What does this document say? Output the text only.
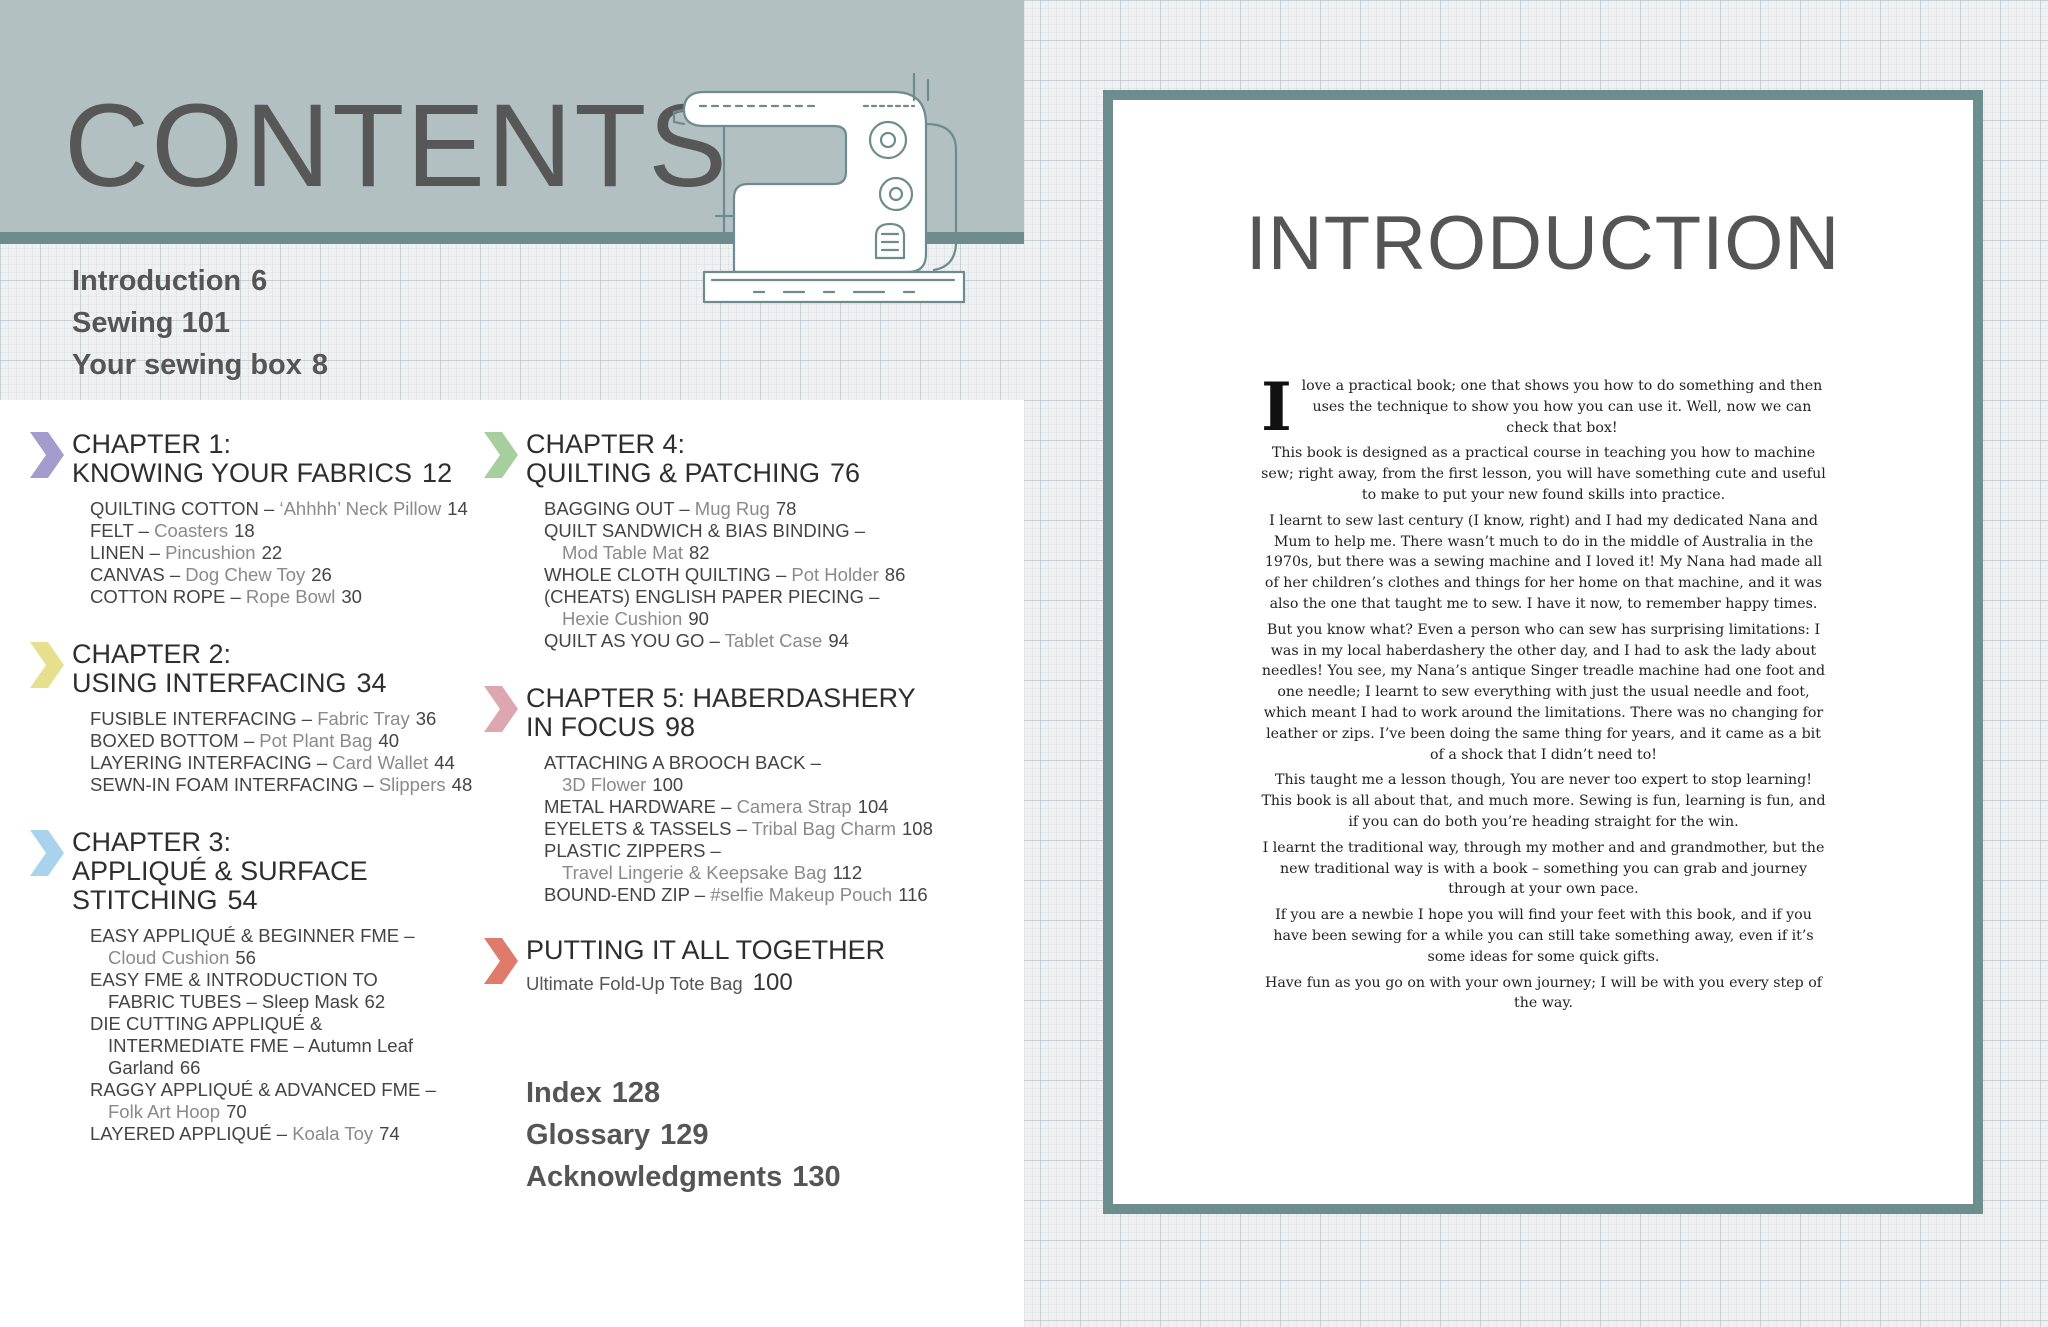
CONTENTS
Introduction 6
Sewing 101
Your sewing box 8
CHAPTER 1:
KNOWING YOUR FABRICS 12
QUILTING COTTON – ‘Ahhhh’ Neck Pillow 14
FELT – Coasters 18
LINEN – Pincushion 22
CANVAS – Dog Chew Toy 26
COTTON ROPE – Rope Bowl 30
CHAPTER 2:
USING INTERFACING 34
FUSIBLE INTERFACING – Fabric Tray 36
BOXED BOTTOM – Pot Plant Bag 40
LAYERING INTERFACING – Card Wallet 44
SEWN-IN FOAM INTERFACING – Slippers 48
CHAPTER 3:
APPLIQUÉ & SURFACE
STITCHING 54
EASY APPLIQUÉ & BEGINNER FME –
Cloud Cushion 56
EASY FME & INTRODUCTION TO
FABRIC TUBES – Sleep Mask 62
DIE CUTTING APPLIQUÉ &
INTERMEDIATE FME – Autumn Leaf Garland 66
RAGGY APPLIQUÉ & ADVANCED FME –
Folk Art Hoop 70
LAYERED APPLIQUÉ – Koala Toy 74
CHAPTER 4:
QUILTING & PATCHING 76
BAGGING OUT – Mug Rug 78
QUILT SANDWICH & BIAS BINDING –
Mod Table Mat 82
WHOLE CLOTH QUILTING – Pot Holder 86
(CHEATS) ENGLISH PAPER PIECING –
Hexie Cushion 90
QUILT AS YOU GO – Tablet Case 94
CHAPTER 5: HABERDASHERY
IN FOCUS 98
ATTACHING A BROOCH BACK –
3D Flower 100
METAL HARDWARE – Camera Strap 104
EYELETS & TASSELS – Tribal Bag Charm 108
PLASTIC ZIPPERS –
Travel Lingerie & Keepsake Bag 112
BOUND-END ZIP – #selfie Makeup Pouch 116
PUTTING IT ALL TOGETHER
Ultimate Fold-Up Tote Bag 100
Index 128
Glossary 129
Acknowledgments 130
INTRODUCTION

I love a practical book; one that shows you how to do something and then uses the technique to show you how you can use it. Well, now we can check that box!

This book is designed as a practical course in teaching you how to machine sew; right away, from the first lesson, you will have something cute and useful to make to put your new found skills into practice.

I learnt to sew last century (I know, right) and I had my dedicated Nana and Mum to help me. There wasn’t much to do in the middle of Australia in the 1970s, but there was a sewing machine and I loved it! My Nana had made all of her children’s clothes and things for her home on that machine, and it was also the one that taught me to sew. I have it now, to remember happy times.

But you know what? Even a person who can sew has surprising limitations: I was in my local haberdashery the other day, and I had to ask the lady about needles! You see, my Nana’s antique Singer treadle machine had one foot and one needle; I learnt to sew everything with just the usual needle and foot, which meant I had to work around the limitations. There was no changing for leather or zips. I’ve been doing the same thing for years, and it came as a bit of a shock that I didn’t need to!

This taught me a lesson though, You are never too expert to stop learning! This book is all about that, and much more. Sewing is fun, learning is fun, and if you can do both you’re heading straight for the win.

I learnt the traditional way, through my mother and and grandmother, but the new traditional way is with a book – something you can grab and journey through at your own pace.

If you are a newbie I hope you will find your feet with this book, and if you have been sewing for a while you can still take something away, even if it’s some ideas for some quick gifts.

Have fun as you go on with your own journey; I will be with you every step of the way.
